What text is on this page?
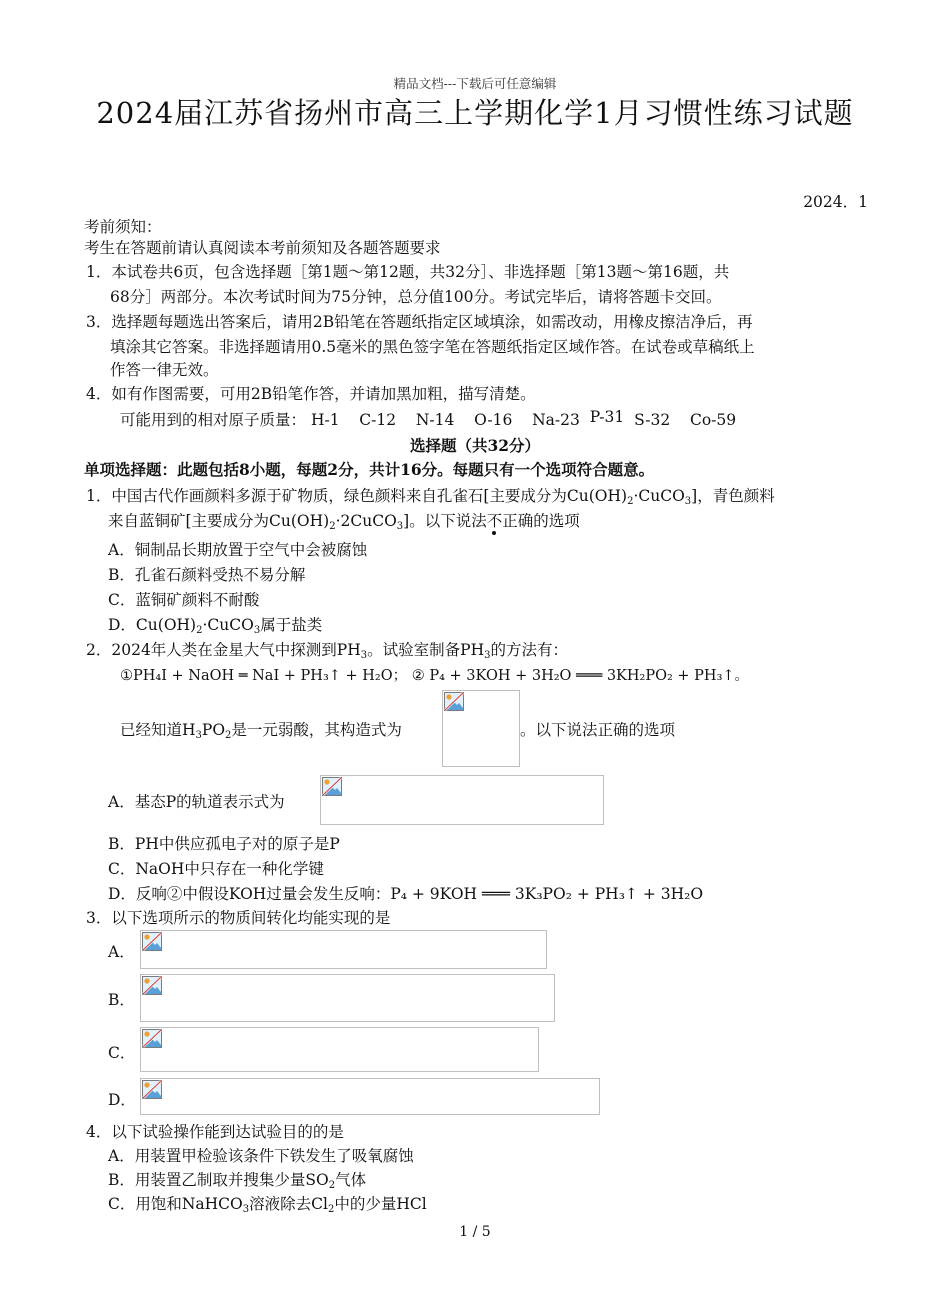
精品文档---下载后可任意编辑
2024届江苏省扬州市高三上学期化学1月习惯性练习试题
2024．1
考前须知：
考生在答题前请认真阅读本考前须知及各题答题要求
1．本试卷共6页，包含选择题［第1题～第12题，共32分］、非选择题［第13题～第16题，共
68分］两部分。本次考试时间为75分钟，总分值100分。考试完毕后，请将答题卡交回。
3．选择题每题选出答案后，请用2B铅笔在答题纸指定区域填涂，如需改动，用橡皮擦洁净后，再
填涂其它答案。非选择题请用0.5毫米的黑色签字笔在答题纸指定区域作答。在试卷或草稿纸上
作答一律无效。
4．如有作图需要，可用2B铅笔作答，并请加黑加粗，描写清楚。
可能用到的相对原子质量： H-1 C-12 N-14 O-16 Na-23 P-31 S-32 Co-59
选择题（共32分）
单项选择题：此题包括8小题，每题2分，共计16分。每题只有一个选项符合题意。
1．中国古代作画颜料多源于矿物质，绿色颜料来自孔雀石[主要成分为$Cu(OH)_2\cdot CuCO_3$]，青色颜料
来自蓝铜矿[主要成分为$Cu(OH)_2\cdot 2CuCO_3$]。以下说法不正确的选项
A．铜制品长期放置于空气中会被腐蚀
B．孔雀石颜料受热不易分解
C．蓝铜矿颜料不耐酸
D．$Cu(OH)_2\cdot CuCO_3$属于盐类
2．2024年人类在金星大气中探测到$PH_3$。试验室制备$PH_3$的方法有：
①PH₄I + NaOH ═ NaI + PH₃↑ + H₂O； ② P₄ + 3KOH + 3H₂O ═══ 3KH₂PO₂ + PH₃↑。
已经知道$H_3PO_2$是一元弱酸，其构造式为	。以下说法正确的选项
A．基态P的轨道表示式为
B．PH中供应孤电子对的原子是P
C．NaOH中只存在一种化学键
D．反响②中假设KOH过量会发生反响：P₄ + 9KOH ═══ 3K₃PO₂ + PH₃↑ + 3H₂O
3．以下选项所示的物质间转化均能实现的是
A．
B．
C．
D．
4．以下试验操作能到达试验目的的是
A．用装置甲检验该条件下铁发生了吸氧腐蚀
B．用装置乙制取并搜集少量$SO_2$气体
C．用饱和NaHCO$_3$溶液除去$Cl_2$中的少量HCl
1 / 5
